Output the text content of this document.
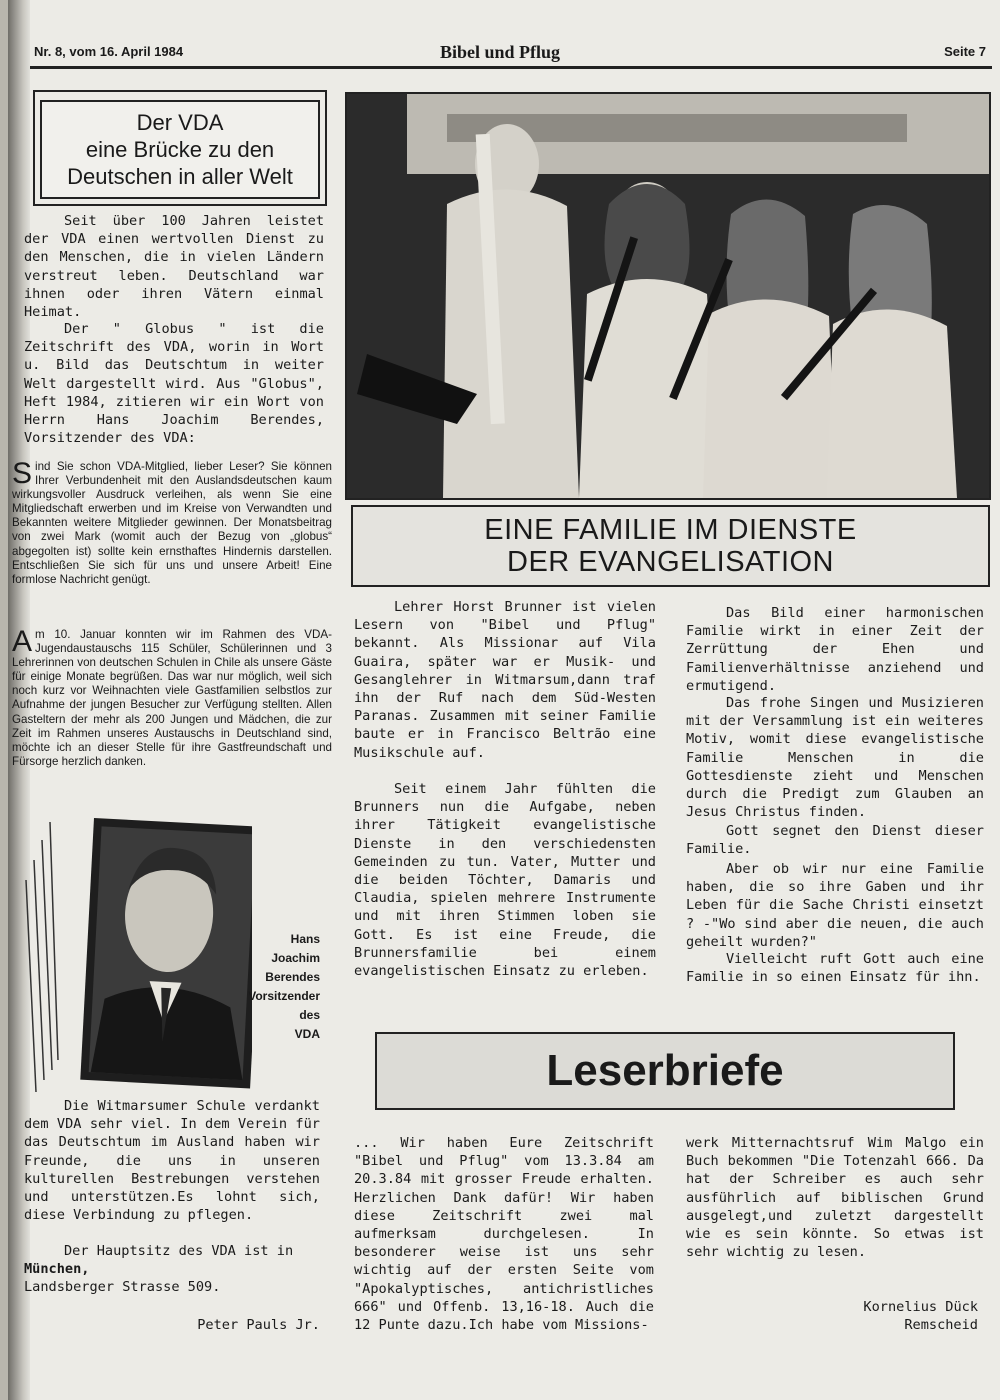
Nr. 8, vom 16. April 1984	Bibel und Pflug	Seite 7
Der VDA
eine Brücke zu den
Deutschen in aller Welt

Seit über 100 Jahren leistet der VDA einen wertvollen Dienst zu den Menschen, die in vielen Ländern verstreut leben. Deutschland war ihnen oder ihren Vätern einmal Heimat.

Der " Globus " ist die Zeitschrift des VDA, worin in Wort u. Bild das Deutschtum in weiter Welt dargestellt wird. Aus "Globus", Heft 1984, zitieren wir ein Wort von Herrn Hans Joachim Berendes, Vorsitzender des VDA:

Sind Sie schon VDA-Mitglied, lieber Leser? Sie können Ihrer Verbundenheit mit den Auslandsdeutschen kaum wirkungsvoller Ausdruck verleihen, als wenn Sie eine Mitgliedschaft erwerben und im Kreise von Verwandten und Bekannten weitere Mitglieder gewinnen. Der Monatsbeitrag von zwei Mark (womit auch der Bezug von „globus“ abgegolten ist) sollte kein ernsthaftes Hindernis darstellen. Entschließen Sie sich für uns und unsere Arbeit! Eine formlose Nachricht genügt.
Am 10. Januar konnten wir im Rahmen des VDA-Jugendaustauschs 115 Schüler, Schülerinnen und 3 Lehrerinnen von deutschen Schulen in Chile als unsere Gäste für einige Monate begrüßen. Das war nur möglich, weil sich noch kurz vor Weihnachten viele Gastfamilien selbstlos zur Aufnahme der jungen Besucher zur Verfügung stellten. Allen Gasteltern der mehr als 200 Jungen und Mädchen, die zur Zeit im Rahmen unseres Austauschs in Deutschland sind, möchte ich an dieser Stelle für ihre Gastfreundschaft und Fürsorge herzlich danken.
Hans
Joachim
Berendes
Vorsitzender
des
VDA

Die Witmarsumer Schule verdankt dem VDA sehr viel. In dem Verein für das Deutschtum im Ausland haben wir Freunde, die uns in unseren kulturellen Bestrebungen verstehen und unterstützen.Es lohnt sich, diese Verbindung zu pflegen.

Der Hauptsitz des VDA ist in

München,

Landsberger Strasse 509.

Peter Pauls Jr.

EINE FAMILIE IM DIENSTE
DER EVANGELISATION

Lehrer Horst Brunner ist vielen Lesern von "Bibel und Pflug" bekannt. Als Missionar auf Vila Guaira, später war er Musik- und Gesanglehrer in Witmarsum,dann traf ihn der Ruf nach dem Süd-Westen Paranas. Zusammen mit seiner Familie baute er in Francisco Beltrão eine Musikschule auf.

Seit einem Jahr fühlten die Brunners nun die Aufgabe, neben ihrer Tätigkeit evangelistische Dienste in den verschiedensten Gemeinden zu tun. Vater, Mutter und die beiden Töchter, Damaris und Claudia, spielen mehrere Instrumente und mit ihren Stimmen loben sie Gott. Es ist eine Freude, die Brunnersfamilie bei einem evangelistischen Einsatz zu erleben.

Das Bild einer harmonischen Familie wirkt in einer Zeit der Zerrüttung der Ehen und Familienverhältnisse anziehend und ermutigend.

Das frohe Singen und Musizieren mit der Versammlung ist ein weiteres Motiv, womit diese evangelistische Familie Menschen in die Gottesdienste zieht und Menschen durch die Predigt zum Glauben an Jesus Christus finden.

Gott segnet den Dienst dieser Familie.

Aber ob wir nur eine Familie haben, die so ihre Gaben und ihr Leben für die Sache Christi einsetzt ? -"Wo sind aber die neuen, die auch geheilt wurden?"

Vielleicht ruft Gott auch eine Familie in so einen Einsatz für ihn.

Leserbriefe

... Wir haben Eure Zeitschrift "Bibel und Pflug" vom 13.3.84 am 20.3.84 mit grosser Freude erhalten. Herzlichen Dank dafür! Wir haben diese Zeitschrift zwei mal aufmerksam durchgelesen. In besonderer weise ist uns sehr wichtig auf der ersten Seite vom "Apokalyptisches, antichristliches 666" und Offenb. 13,16-18. Auch die 12 Punte dazu.Ich habe vom Missions-

werk Mitternachtsruf Wim Malgo ein Buch bekommen "Die Totenzahl 666. Da hat der Schreiber es auch sehr ausführlich auf biblischen Grund ausgelegt,und zuletzt dargestellt wie es sein könnte. So etwas ist sehr wichtig zu lesen.

Kornelius Dück

Remscheid
